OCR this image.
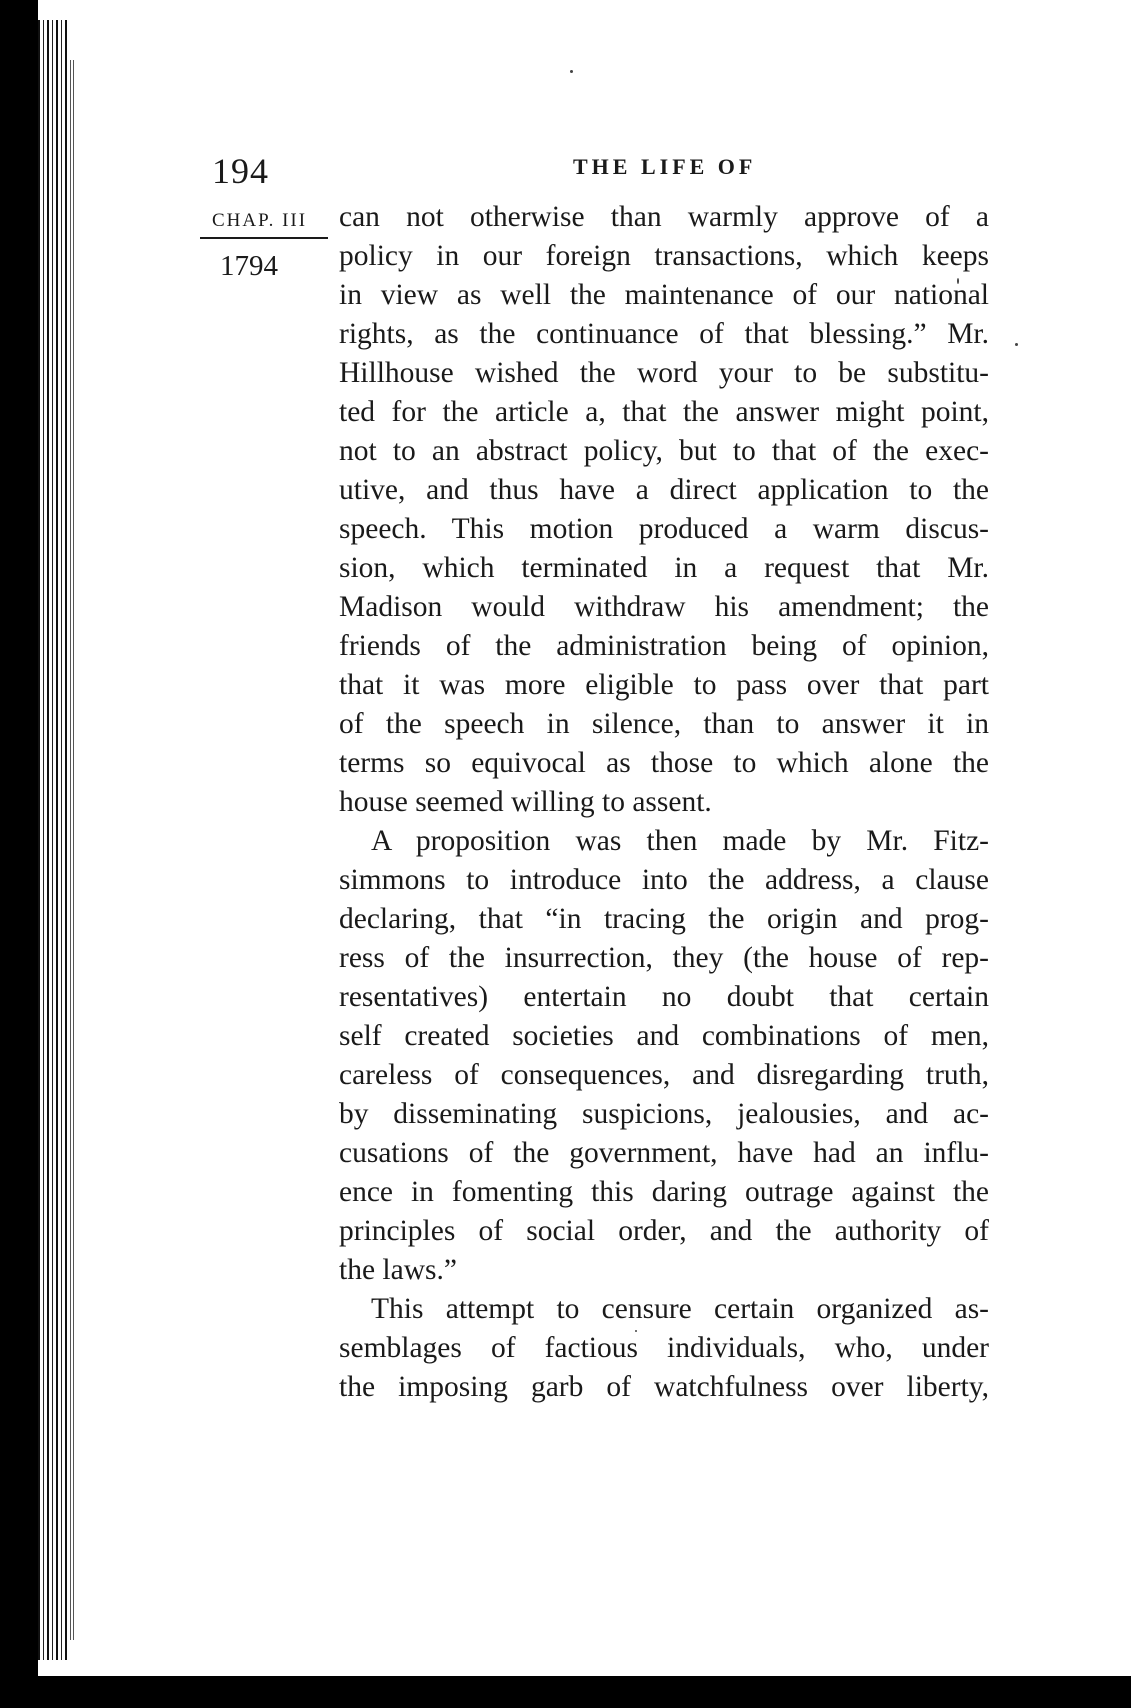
194	THE LIFE OF
CHAP. III
1794
can not otherwise than warmly approve of a
policy in our foreign transactions, which keeps
in view as well the maintenance of our national
rights, as the continuance of that blessing.” Mr.
Hillhouse wished the word your to be substitu-
ted for the article a, that the answer might point,
not to an abstract policy, but to that of the exec-
utive, and thus have a direct application to the
speech. This motion produced a warm discus-
sion, which terminated in a request that Mr.
Madison would withdraw his amendment; the
friends of the administration being of opinion,
that it was more eligible to pass over that part
of the speech in silence, than to answer it in
terms so equivocal as those to which alone the
house seemed willing to assent.
A proposition was then made by Mr. Fitz-
simmons to introduce into the address, a clause
declaring, that “in tracing the origin and prog-
ress of the insurrection, they (the house of rep-
resentatives) entertain no doubt that certain
self created societies and combinations of men,
careless of consequences, and disregarding truth,
by disseminating suspicions, jealousies, and ac-
cusations of the government, have had an influ-
ence in fomenting this daring outrage against the
principles of social order, and the authority of
the laws.”
This attempt to censure certain organized as-
semblages of factious individuals, who, under
the imposing garb of watchfulness over liberty,
